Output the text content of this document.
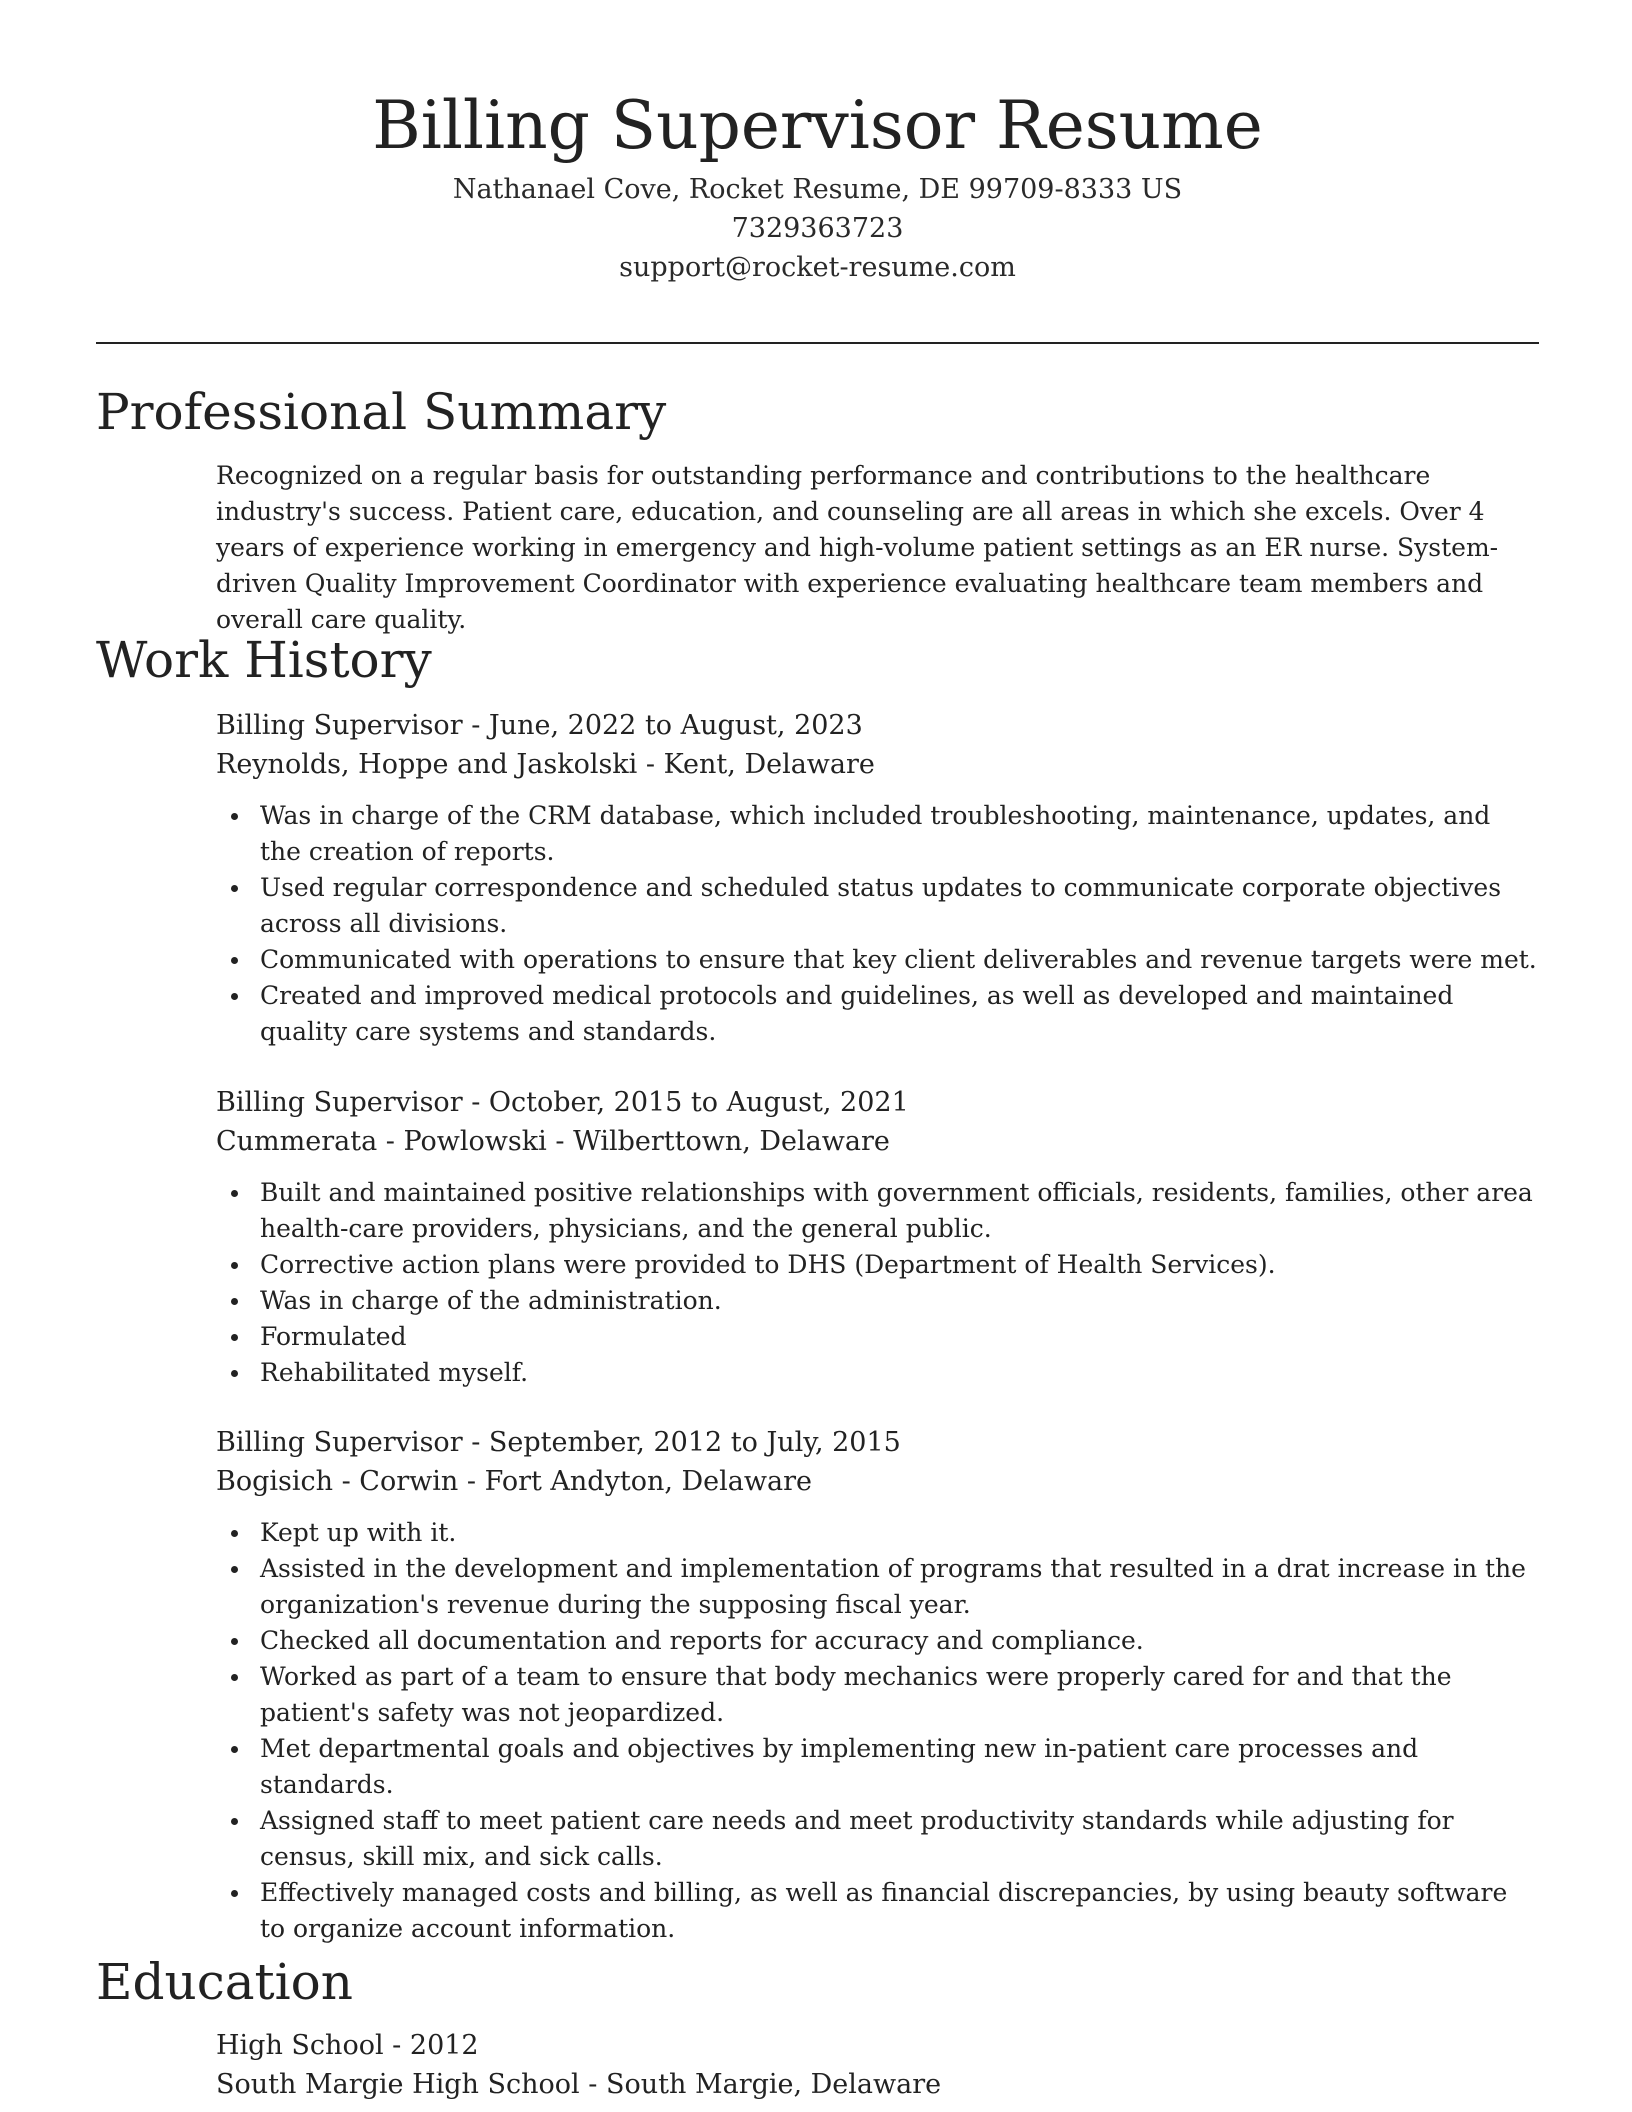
Billing Supervisor Resume
Nathanael Cove, Rocket Resume, DE 99709-8333 US
7329363723
support@rocket-resume.com
Professional Summary

Recognized on a regular basis for outstanding performance and contributions to the healthcare industry's success. Patient care, education, and counseling are all areas in which she excels. Over 4 years of experience working in emergency and high-volume patient settings as an ER nurse. System-driven Quality Improvement Coordinator with experience evaluating healthcare team members and overall care quality.

Work History
Billing Supervisor - June, 2022 to August, 2023
Reynolds, Hoppe and Jaskolski - Kent, Delaware
Was in charge of the CRM database, which included troubleshooting, maintenance, updates, and the creation of reports.
Used regular correspondence and scheduled status updates to communicate corporate objectives across all divisions.
Communicated with operations to ensure that key client deliverables and revenue targets were met.
Created and improved medical protocols and guidelines, as well as developed and maintained quality care systems and standards.
Billing Supervisor - October, 2015 to August, 2021
Cummerata - Powlowski - Wilberttown, Delaware
Built and maintained positive relationships with government officials, residents, families, other area health-care providers, physicians, and the general public.
Corrective action plans were provided to DHS (Department of Health Services).
Was in charge of the administration.
Formulated
Rehabilitated myself.
Billing Supervisor - September, 2012 to July, 2015
Bogisich - Corwin - Fort Andyton, Delaware
Kept up with it.
Assisted in the development and implementation of programs that resulted in a drat increase in the organization's revenue during the supposing fiscal year.
Checked all documentation and reports for accuracy and compliance.
Worked as part of a team to ensure that body mechanics were properly cared for and that the patient's safety was not jeopardized.
Met departmental goals and objectives by implementing new in-patient care processes and standards.
Assigned staff to meet patient care needs and meet productivity standards while adjusting for census, skill mix, and sick calls.
Effectively managed costs and billing, as well as financial discrepancies, by using beauty software to organize account information.
Education
High School - 2012
South Margie High School - South Margie, Delaware
